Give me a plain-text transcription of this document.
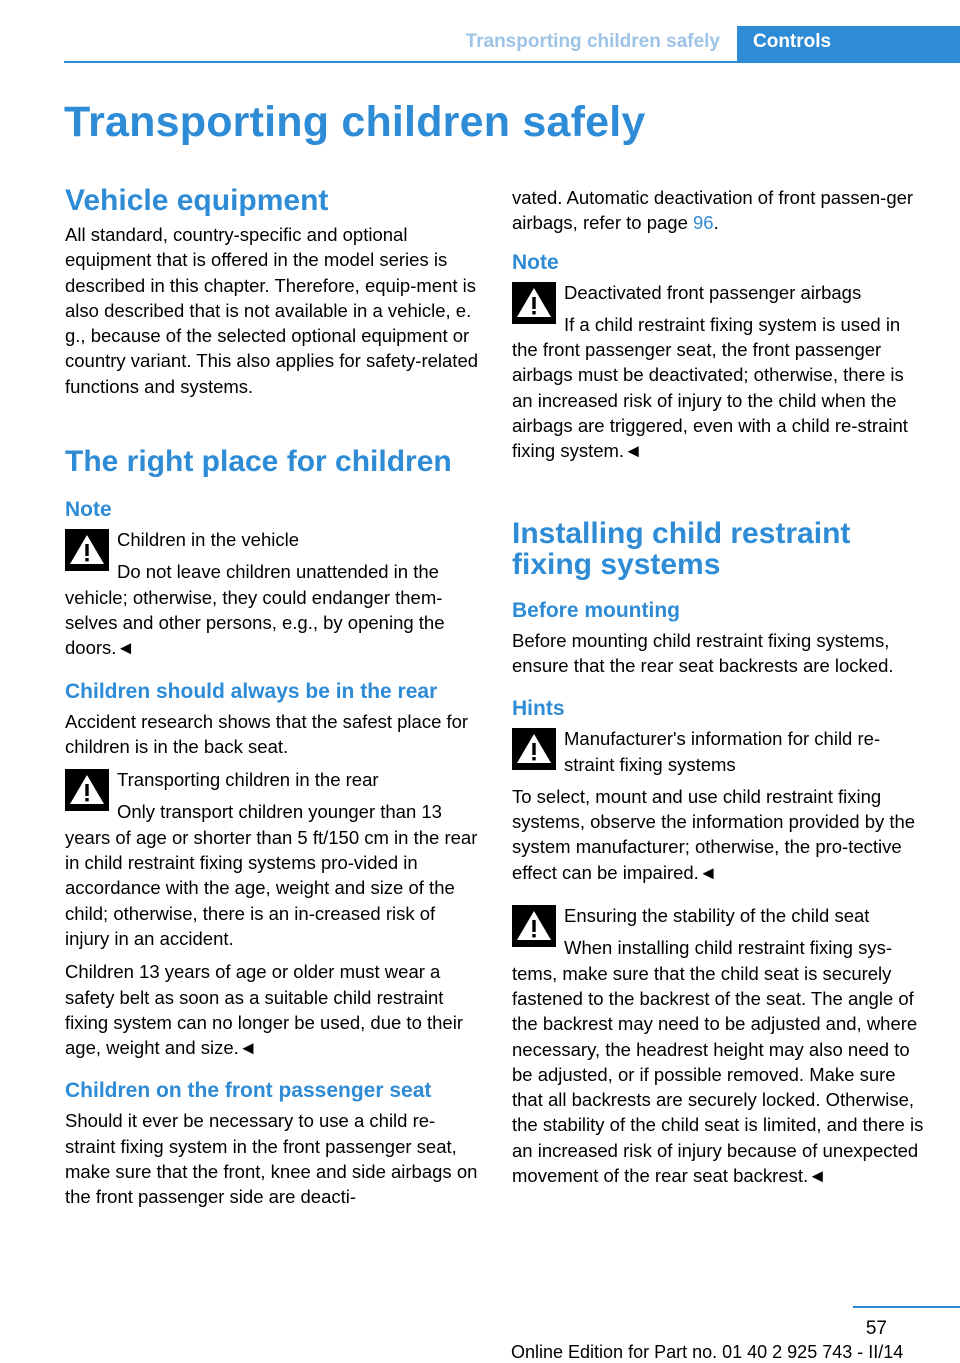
Transporting children safely	Controls
Transporting children safely
Vehicle equipment

All standard, country-specific and optional equipment that is offered in the model series is described in this chapter. Therefore, equip-ment is also described that is not available in a vehicle, e. g., because of the selected optional equipment or country variant. This also applies for safety-related functions and systems.

The right place for children
Note

Children in the vehicle

Do not leave children unattended in the vehicle; otherwise, they could endanger them-selves and other persons, e.g., by opening the doors.◄

Children should always be in the rear

Accident research shows that the safest place for children is in the back seat.

Transporting children in the rear

Only transport children younger than 13 years of age or shorter than 5 ft/150 cm in the rear in child restraint fixing systems pro-vided in accordance with the age, weight and size of the child; otherwise, there is an in-creased risk of injury in an accident.

Children 13 years of age or older must wear a safety belt as soon as a suitable child restraint fixing system can no longer be used, due to their age, weight and size.◄

Children on the front passenger seat

Should it ever be necessary to use a child re-straint fixing system in the front passenger seat, make sure that the front, knee and side airbags on the front passenger side are deacti-

vated. Automatic deactivation of front passen-ger airbags, refer to page 96.

Note

Deactivated front passenger airbags

If a child restraint fixing system is used in the front passenger seat, the front passenger airbags must be deactivated; otherwise, there is an increased risk of injury to the child when the airbags are triggered, even with a child re-straint fixing system.◄

Installing child restraint fixing systems
Before mounting

Before mounting child restraint fixing systems, ensure that the rear seat backrests are locked.

Hints

Manufacturer's information for child re-straint fixing systems

To select, mount and use child restraint fixing systems, observe the information provided by the system manufacturer; otherwise, the pro-tective effect can be impaired.◄

Ensuring the stability of the child seat

When installing child restraint fixing sys-tems, make sure that the child seat is securely fastened to the backrest of the seat. The angle of the backrest may need to be adjusted and, where necessary, the headrest height may also need to be adjusted, or if possible removed. Make sure that all backrests are securely locked. Otherwise, the stability of the child seat is limited, and there is an increased risk of injury because of unexpected movement of the rear seat backrest.◄

57
Online Edition for Part no. 01 40 2 925 743 - II/14
